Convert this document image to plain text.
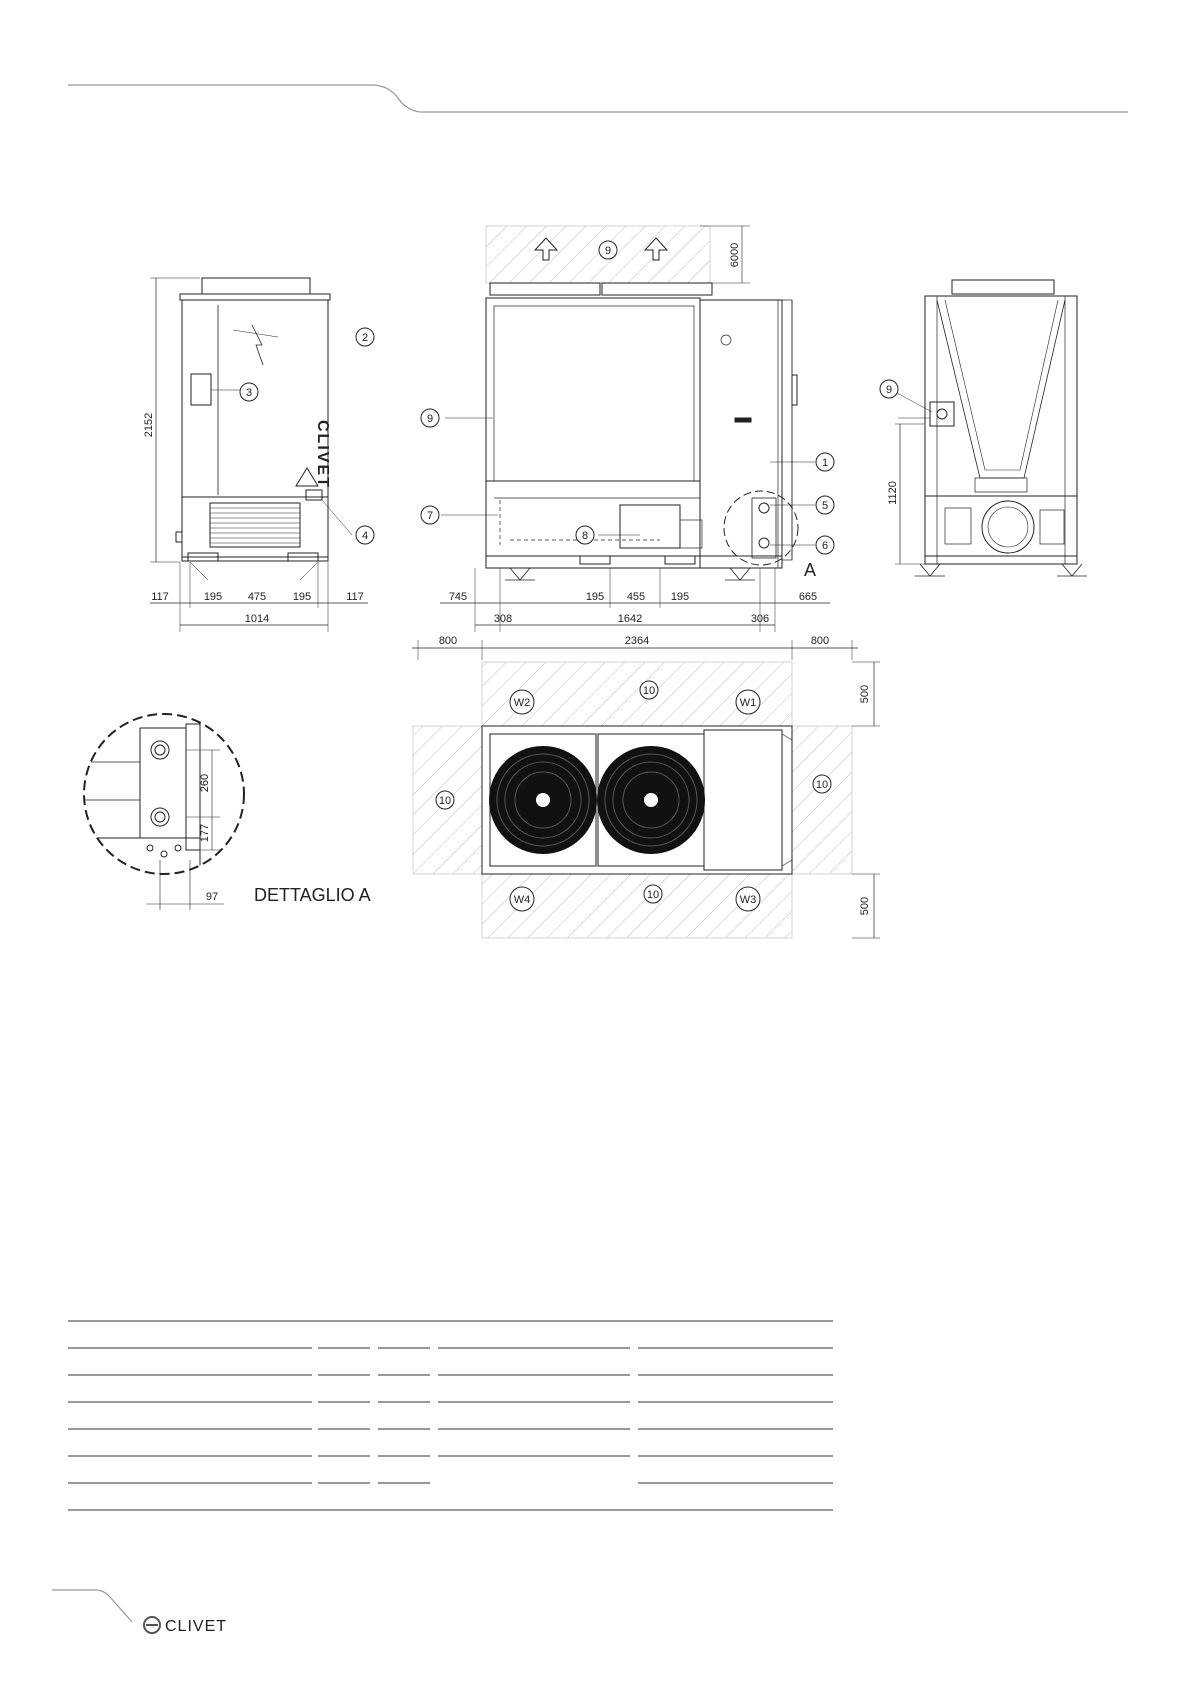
CLIVET
2
3
4
2152
117	195 475 195	117
1014
9	6000
9
7
8
1
5
6
A
745	195 455 195	665
308	1642	306
9
1120
800	2364	800
500
500
10
10
10
10
W2	W1
W4	W3
260
177
97 DETTAGLIO A
CLIVET
